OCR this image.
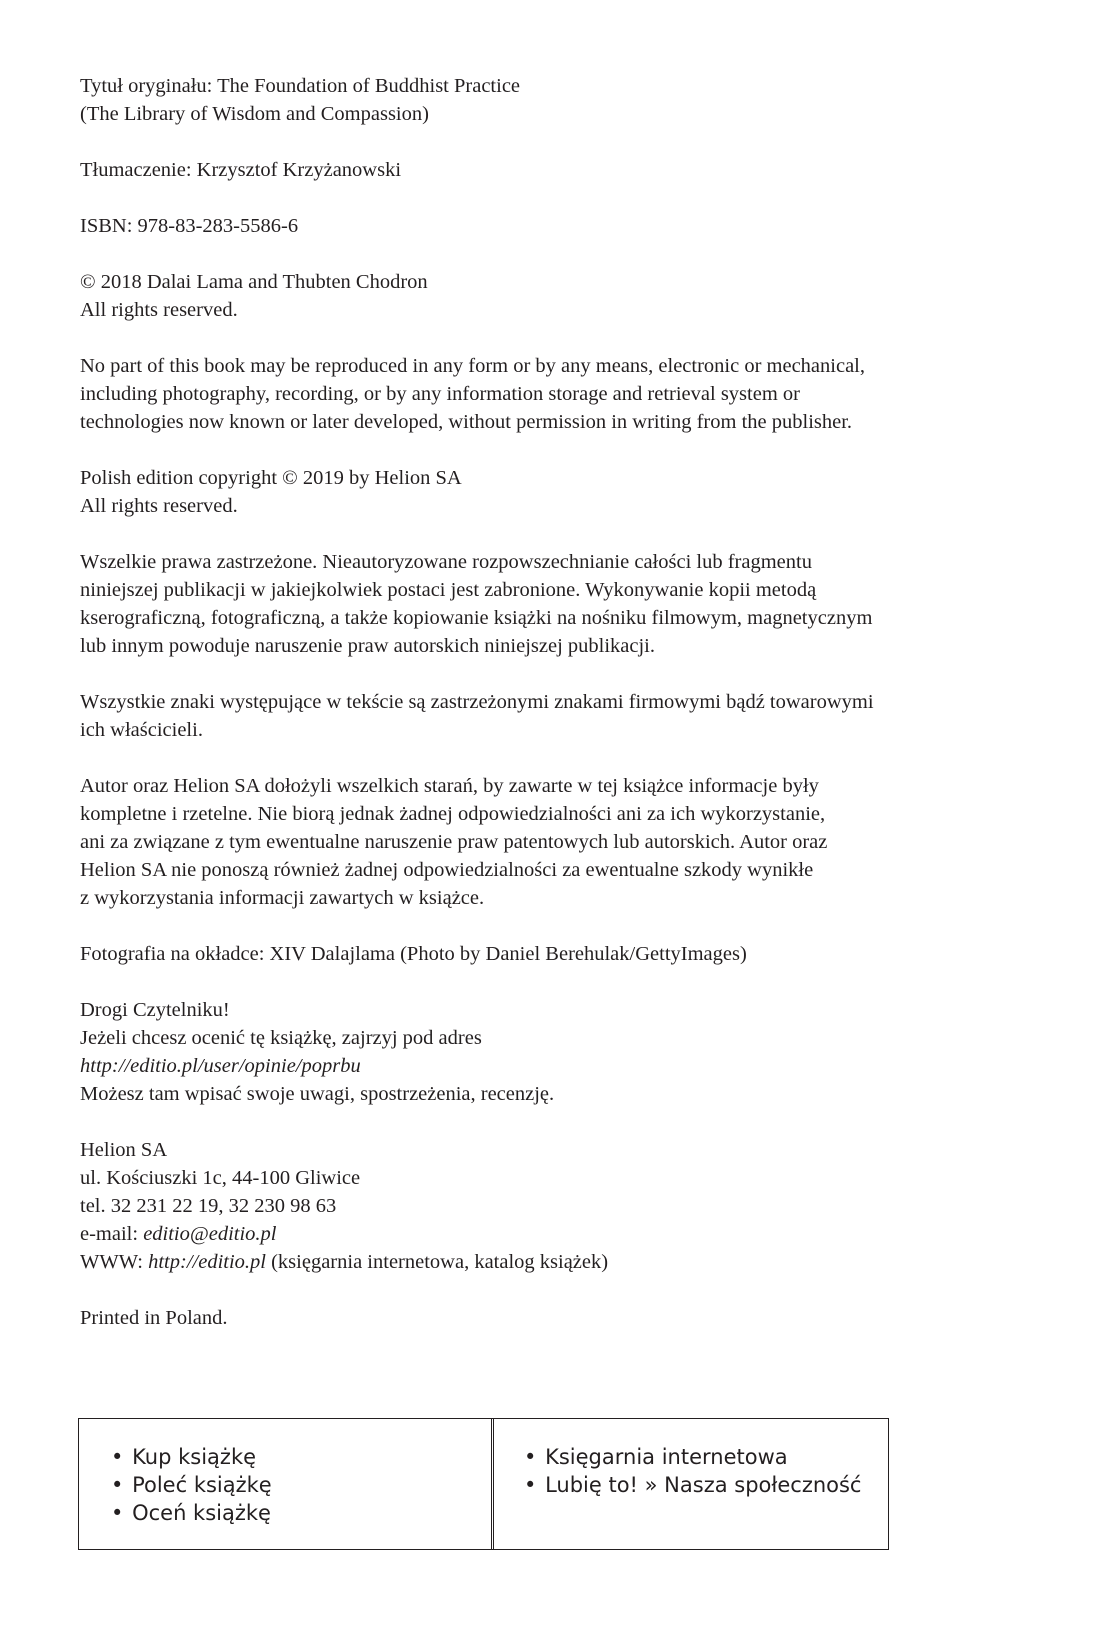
Tytuł oryginału: The Foundation of Buddhist Practice
(The Library of Wisdom and Compassion)

Tłumaczenie: Krzysztof Krzyżanowski

ISBN: 978-83-283-5586-6

© 2018 Dalai Lama and Thubten Chodron
All rights reserved.

No part of this book may be reproduced in any form or by any means, electronic or mechanical,
including photography, recording, or by any information storage and retrieval system or
technologies now known or later developed, without permission in writing from the publisher.

Polish edition copyright © 2019 by Helion SA
All rights reserved.

Wszelkie prawa zastrzeżone. Nieautoryzowane rozpowszechnianie całości lub fragmentu
niniejszej publikacji w jakiejkolwiek postaci jest zabronione. Wykonywanie kopii metodą
kserograficzną, fotograficzną, a także kopiowanie książki na nośniku filmowym, magnetycznym
lub innym powoduje naruszenie praw autorskich niniejszej publikacji.

Wszystkie znaki występujące w tekście są zastrzeżonymi znakami firmowymi bądź towarowymi
ich właścicieli.

Autor oraz Helion SA dołożyli wszelkich starań, by zawarte w tej książce informacje były
kompletne i rzetelne. Nie biorą jednak żadnej odpowiedzialności ani za ich wykorzystanie,
ani za związane z tym ewentualne naruszenie praw patentowych lub autorskich. Autor oraz
Helion SA nie ponoszą również żadnej odpowiedzialności za ewentualne szkody wynikłe
z wykorzystania informacji zawartych w książce.

Fotografia na okładce: XIV Dalajlama (Photo by Daniel Berehulak/GettyImages)

Drogi Czytelniku!
Jeżeli chcesz ocenić tę książkę, zajrzyj pod adres
http://editio.pl/user/opinie/poprbu
Możesz tam wpisać swoje uwagi, spostrzeżenia, recenzję.

Helion SA
ul. Kościuszki 1c, 44-100 Gliwice
tel. 32 231 22 19, 32 230 98 63
e-mail: editio@editio.pl
WWW: http://editio.pl (księgarnia internetowa, katalog książek)

Printed in Poland.

• Kup książkę
• Poleć książkę
• Oceń książkę
• Księgarnia internetowa
• Lubię to! » Nasza społeczność
